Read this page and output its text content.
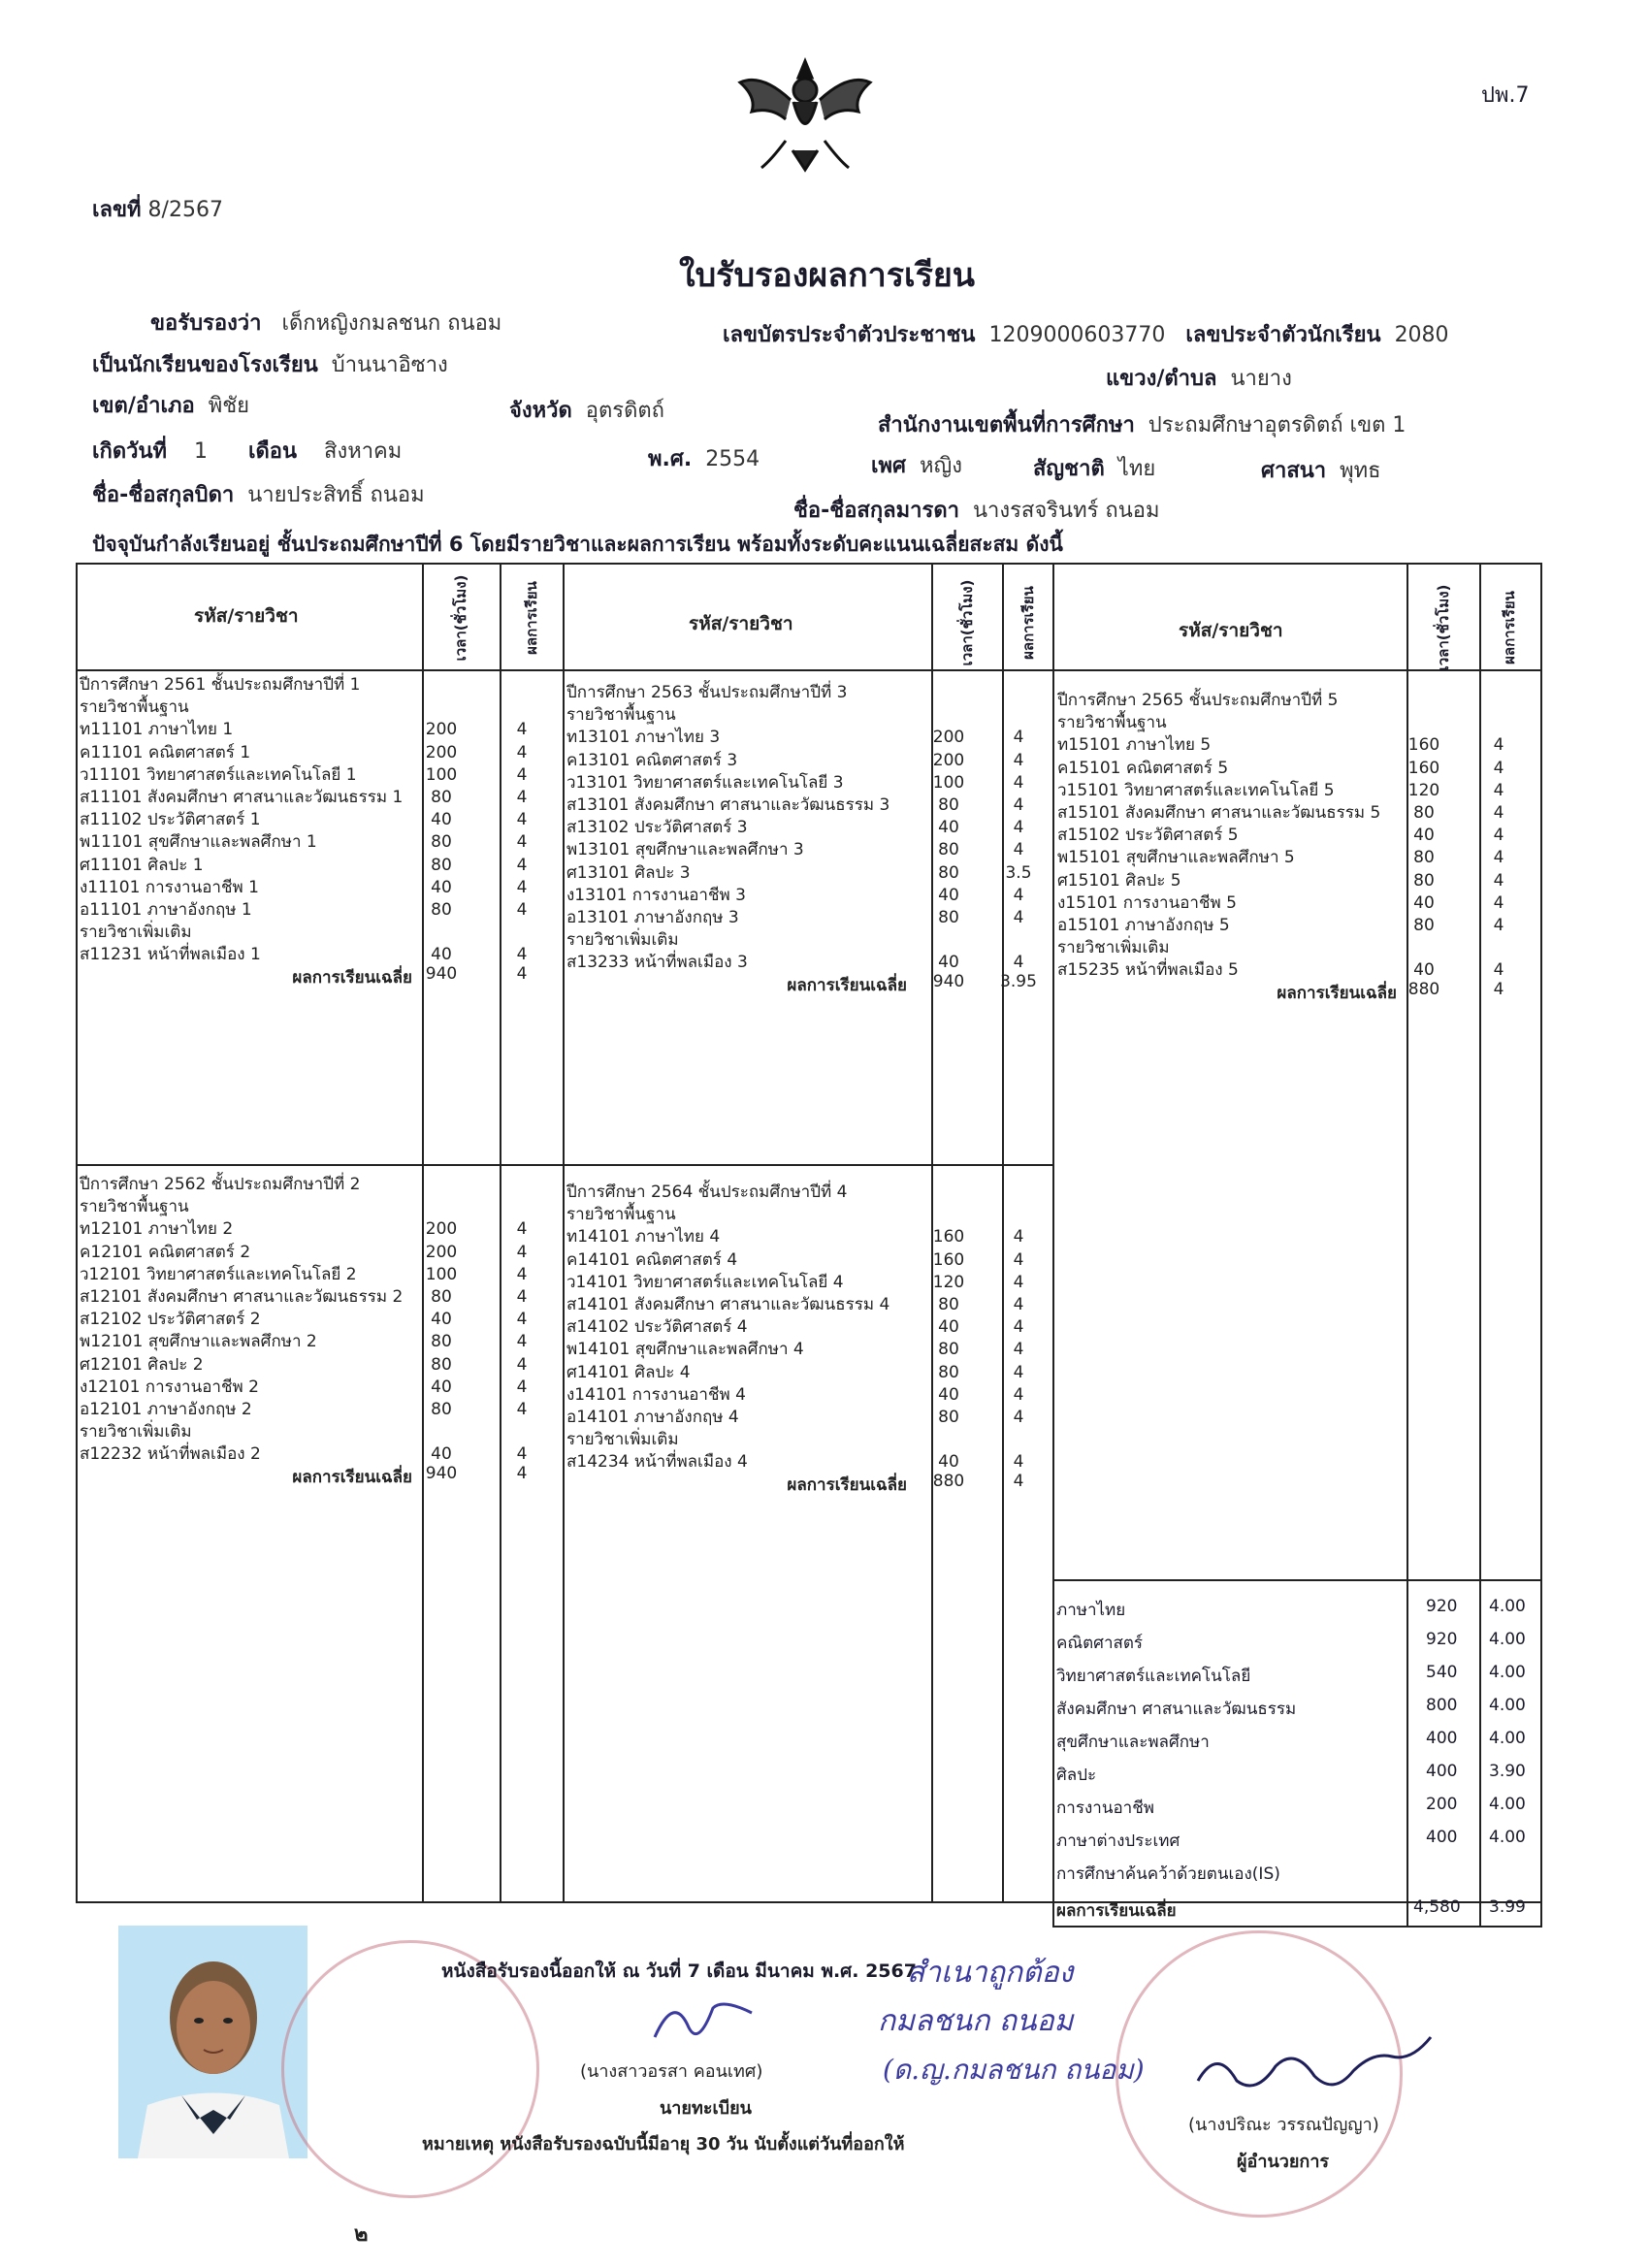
ปพ.7
เลขที่ 8/2567
ใบรับรองผลการเรียน
ขอรับรองว่า เด็กหญิงกมลชนก ถนอม	เลขบัตรประจำตัวประชาชน 1209000603770 เลขประจำตัวนักเรียน 2080
เป็นนักเรียนของโรงเรียน บ้านนาอิซาง
แขวง/ตำบล นายาง
เขต/อำเภอ พิชัย	จังหวัด อุตรดิตถ์
สำนักงานเขตพื้นที่การศึกษา ประถมศึกษาอุตรดิตถ์ เขต 1
เกิดวันที่ 1 เดือน สิงหาคม	พ.ศ. 2554	เพศ หญิง	สัญชาติ ไทย	ศาสนา พุทธ
ชื่อ-ชื่อสกุลบิดา นายประสิทธิ์ ถนอม
ชื่อ-ชื่อสกุลมารดา นางรสจรินทร์ ถนอม
ปัจจุบันกำลังเรียนอยู่ ชั้นประถมศึกษาปีที่ 6 โดยมีรายวิชาและผลการเรียน พร้อมทั้งระดับคะแนนเฉลี่ยสะสม ดังนี้
รหัส/รายวิชา	รหัส/รายวิชา	รหัส/รายวิชา
เวลา(ชั่วโมง)	ผลการเรียน	เวลา(ชั่วโมง)	ผลการเรียน	เวลา(ชั่วโมง)	ผลการเรียน
ปีการศึกษา 2561 ชั้นประถมศึกษาปีที่ 1
รายวิชาพื้นฐาน
ท11101 ภาษาไทย 1	200	4
ค11101 คณิตศาสตร์ 1	200	4
ว11101 วิทยาศาสตร์และเทคโนโลยี 1	100	4
ส11101 สังคมศึกษา ศาสนาและวัฒนธรรม 1	80	4
ส11102 ประวัติศาสตร์ 1	40	4
พ11101 สุขศึกษาและพลศึกษา 1	80	4
ศ11101 ศิลปะ 1	80	4
ง11101 การงานอาชีพ 1	40	4
อ11101 ภาษาอังกฤษ 1	80	4
รายวิชาเพิ่มเติม
ส11231 หน้าที่พลเมือง 1	40	4
ผลการเรียนเฉลี่ย 940	4
ปีการศึกษา 2562 ชั้นประถมศึกษาปีที่ 2
รายวิชาพื้นฐาน
ท12101 ภาษาไทย 2	200	4
ค12101 คณิตศาสตร์ 2	200	4
ว12101 วิทยาศาสตร์และเทคโนโลยี 2	100	4
ส12101 สังคมศึกษา ศาสนาและวัฒนธรรม 2	80	4
ส12102 ประวัติศาสตร์ 2	40	4
พ12101 สุขศึกษาและพลศึกษา 2	80	4
ศ12101 ศิลปะ 2	80	4
ง12101 การงานอาชีพ 2	40	4
อ12101 ภาษาอังกฤษ 2	80	4
รายวิชาเพิ่มเติม
ส12232 หน้าที่พลเมือง 2	40	4
ผลการเรียนเฉลี่ย 940	4
ปีการศึกษา 2563 ชั้นประถมศึกษาปีที่ 3
รายวิชาพื้นฐาน
ท13101 ภาษาไทย 3	200	4
ค13101 คณิตศาสตร์ 3	200	4
ว13101 วิทยาศาสตร์และเทคโนโลยี 3	100	4
ส13101 สังคมศึกษา ศาสนาและวัฒนธรรม 3	80	4
ส13102 ประวัติศาสตร์ 3	40	4
พ13101 สุขศึกษาและพลศึกษา 3	80	4
ศ13101 ศิลปะ 3	80	3.5
ง13101 การงานอาชีพ 3	40	4
อ13101 ภาษาอังกฤษ 3	80	4
รายวิชาเพิ่มเติม
ส13233 หน้าที่พลเมือง 3	40	4
ผลการเรียนเฉลี่ย	940	3.95
ปีการศึกษา 2564 ชั้นประถมศึกษาปีที่ 4
รายวิชาพื้นฐาน
ท14101 ภาษาไทย 4	160	4
ค14101 คณิตศาสตร์ 4	160	4
ว14101 วิทยาศาสตร์และเทคโนโลยี 4	120	4
ส14101 สังคมศึกษา ศาสนาและวัฒนธรรม 4	80	4
ส14102 ประวัติศาสตร์ 4	40	4
พ14101 สุขศึกษาและพลศึกษา 4	80	4
ศ14101 ศิลปะ 4	80	4
ง14101 การงานอาชีพ 4	40	4
อ14101 ภาษาอังกฤษ 4	80	4
รายวิชาเพิ่มเติม
ส14234 หน้าที่พลเมือง 4	40	4
ผลการเรียนเฉลี่ย	880	4
ปีการศึกษา 2565 ชั้นประถมศึกษาปีที่ 5
รายวิชาพื้นฐาน
ท15101 ภาษาไทย 5	160	4
ค15101 คณิตศาสตร์ 5	160	4
ว15101 วิทยาศาสตร์และเทคโนโลยี 5	120	4
ส15101 สังคมศึกษา ศาสนาและวัฒนธรรม 5	80	4
ส15102 ประวัติศาสตร์ 5	40	4
พ15101 สุขศึกษาและพลศึกษา 5	80	4
ศ15101 ศิลปะ 5	80	4
ง15101 การงานอาชีพ 5	40	4
อ15101 ภาษาอังกฤษ 5	80	4
รายวิชาเพิ่มเติม
ส15235 หน้าที่พลเมือง 5	40	4
ผลการเรียนเฉลี่ย 880	4
ภาษาไทย	920 4.00
คณิตศาสตร์	920 4.00
วิทยาศาสตร์และเทคโนโลยี	540 4.00
สังคมศึกษา ศาสนาและวัฒนธรรม	800 4.00
สุขศึกษาและพลศึกษา	400 4.00
ศิลปะ	400 3.90
การงานอาชีพ	200 4.00
ภาษาต่างประเทศ	400 4.00
การศึกษาค้นคว้าด้วยตนเอง(IS)
ผลการเรียนเฉลี่ย	4,580 3.99
หนังสือรับรองนี้ออกให้ ณ วันที่ 7 เดือน มีนาคม พ.ศ. 2567
(นางสาวอรสา คอนเทศ)
นายทะเบียน
หมายเหตุ หนังสือรับรองฉบับนี้มีอายุ 30 วัน นับตั้งแต่วันที่ออกให้
สำเนาถูกต้อง
กมลชนก ถนอม
(ด.ญ.กมลชนก ถนอม)
(นางปริณะ วรรณปัญญา)
ผู้อำนวยการ
๒
